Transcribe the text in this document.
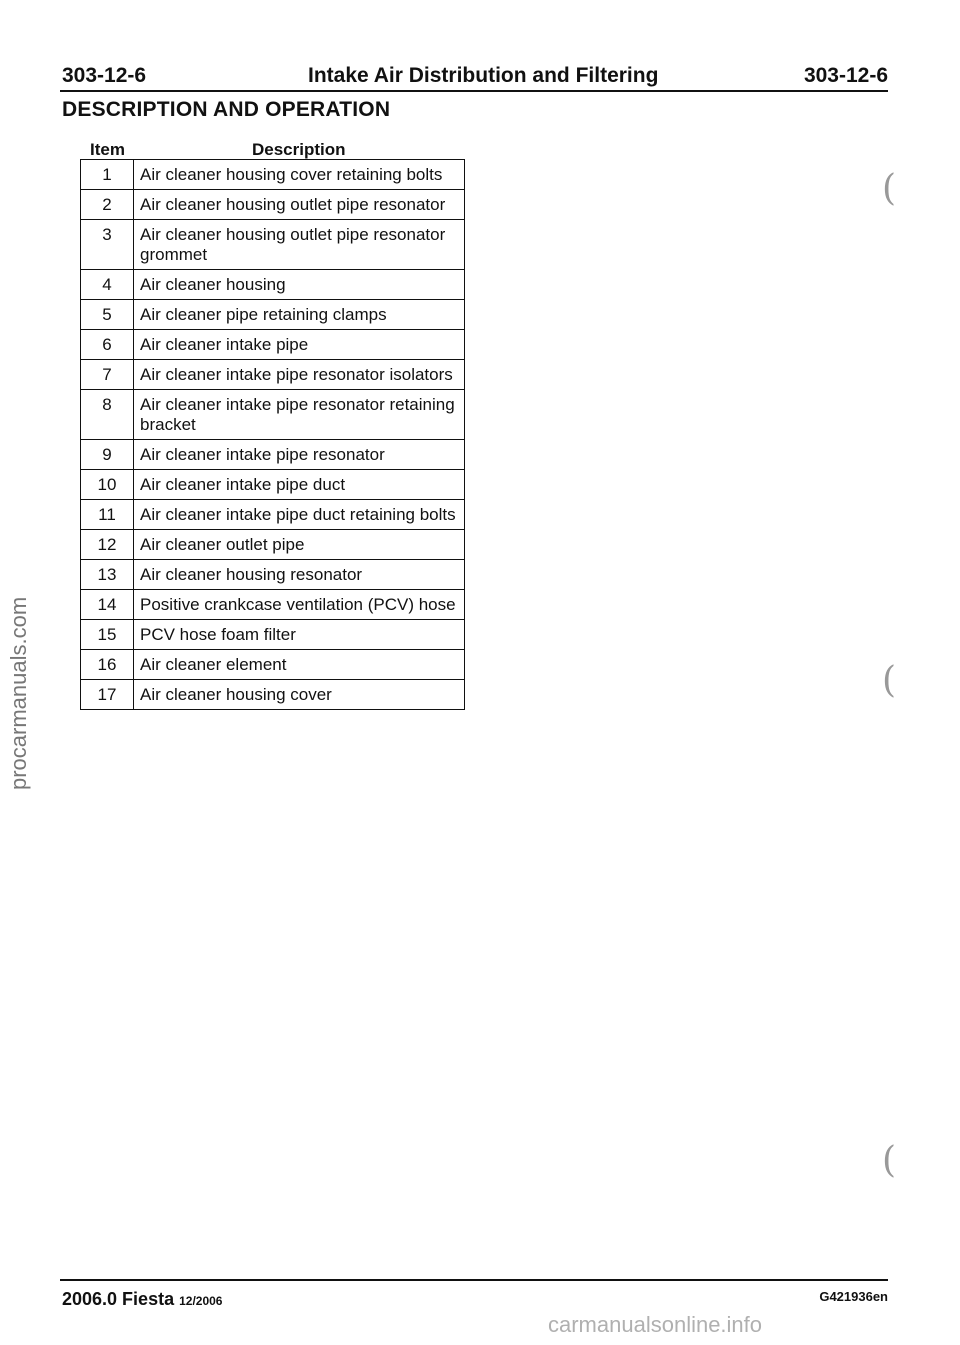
303-12-6	Intake Air Distribution and Filtering	303-12-6
DESCRIPTION AND OPERATION
Item	Description
1	Air cleaner housing cover retaining bolts
2	Air cleaner housing outlet pipe resonator
3	Air cleaner housing outlet pipe resonator grommet
4	Air cleaner housing
5	Air cleaner pipe retaining clamps
6	Air cleaner intake pipe
7	Air cleaner intake pipe resonator isolators
8	Air cleaner intake pipe resonator retaining bracket
9	Air cleaner intake pipe resonator
10	Air cleaner intake pipe duct
11	Air cleaner intake pipe duct retaining bolts
12	Air cleaner outlet pipe
13	Air cleaner housing resonator
14	Positive crankcase ventilation (PCV) hose
15	PCV hose foam filter
16	Air cleaner element
17	Air cleaner housing cover
procarmanuals.com
(
(
(
2006.0 Fiesta 12/2006	G421936en
carmanualsonline.info
